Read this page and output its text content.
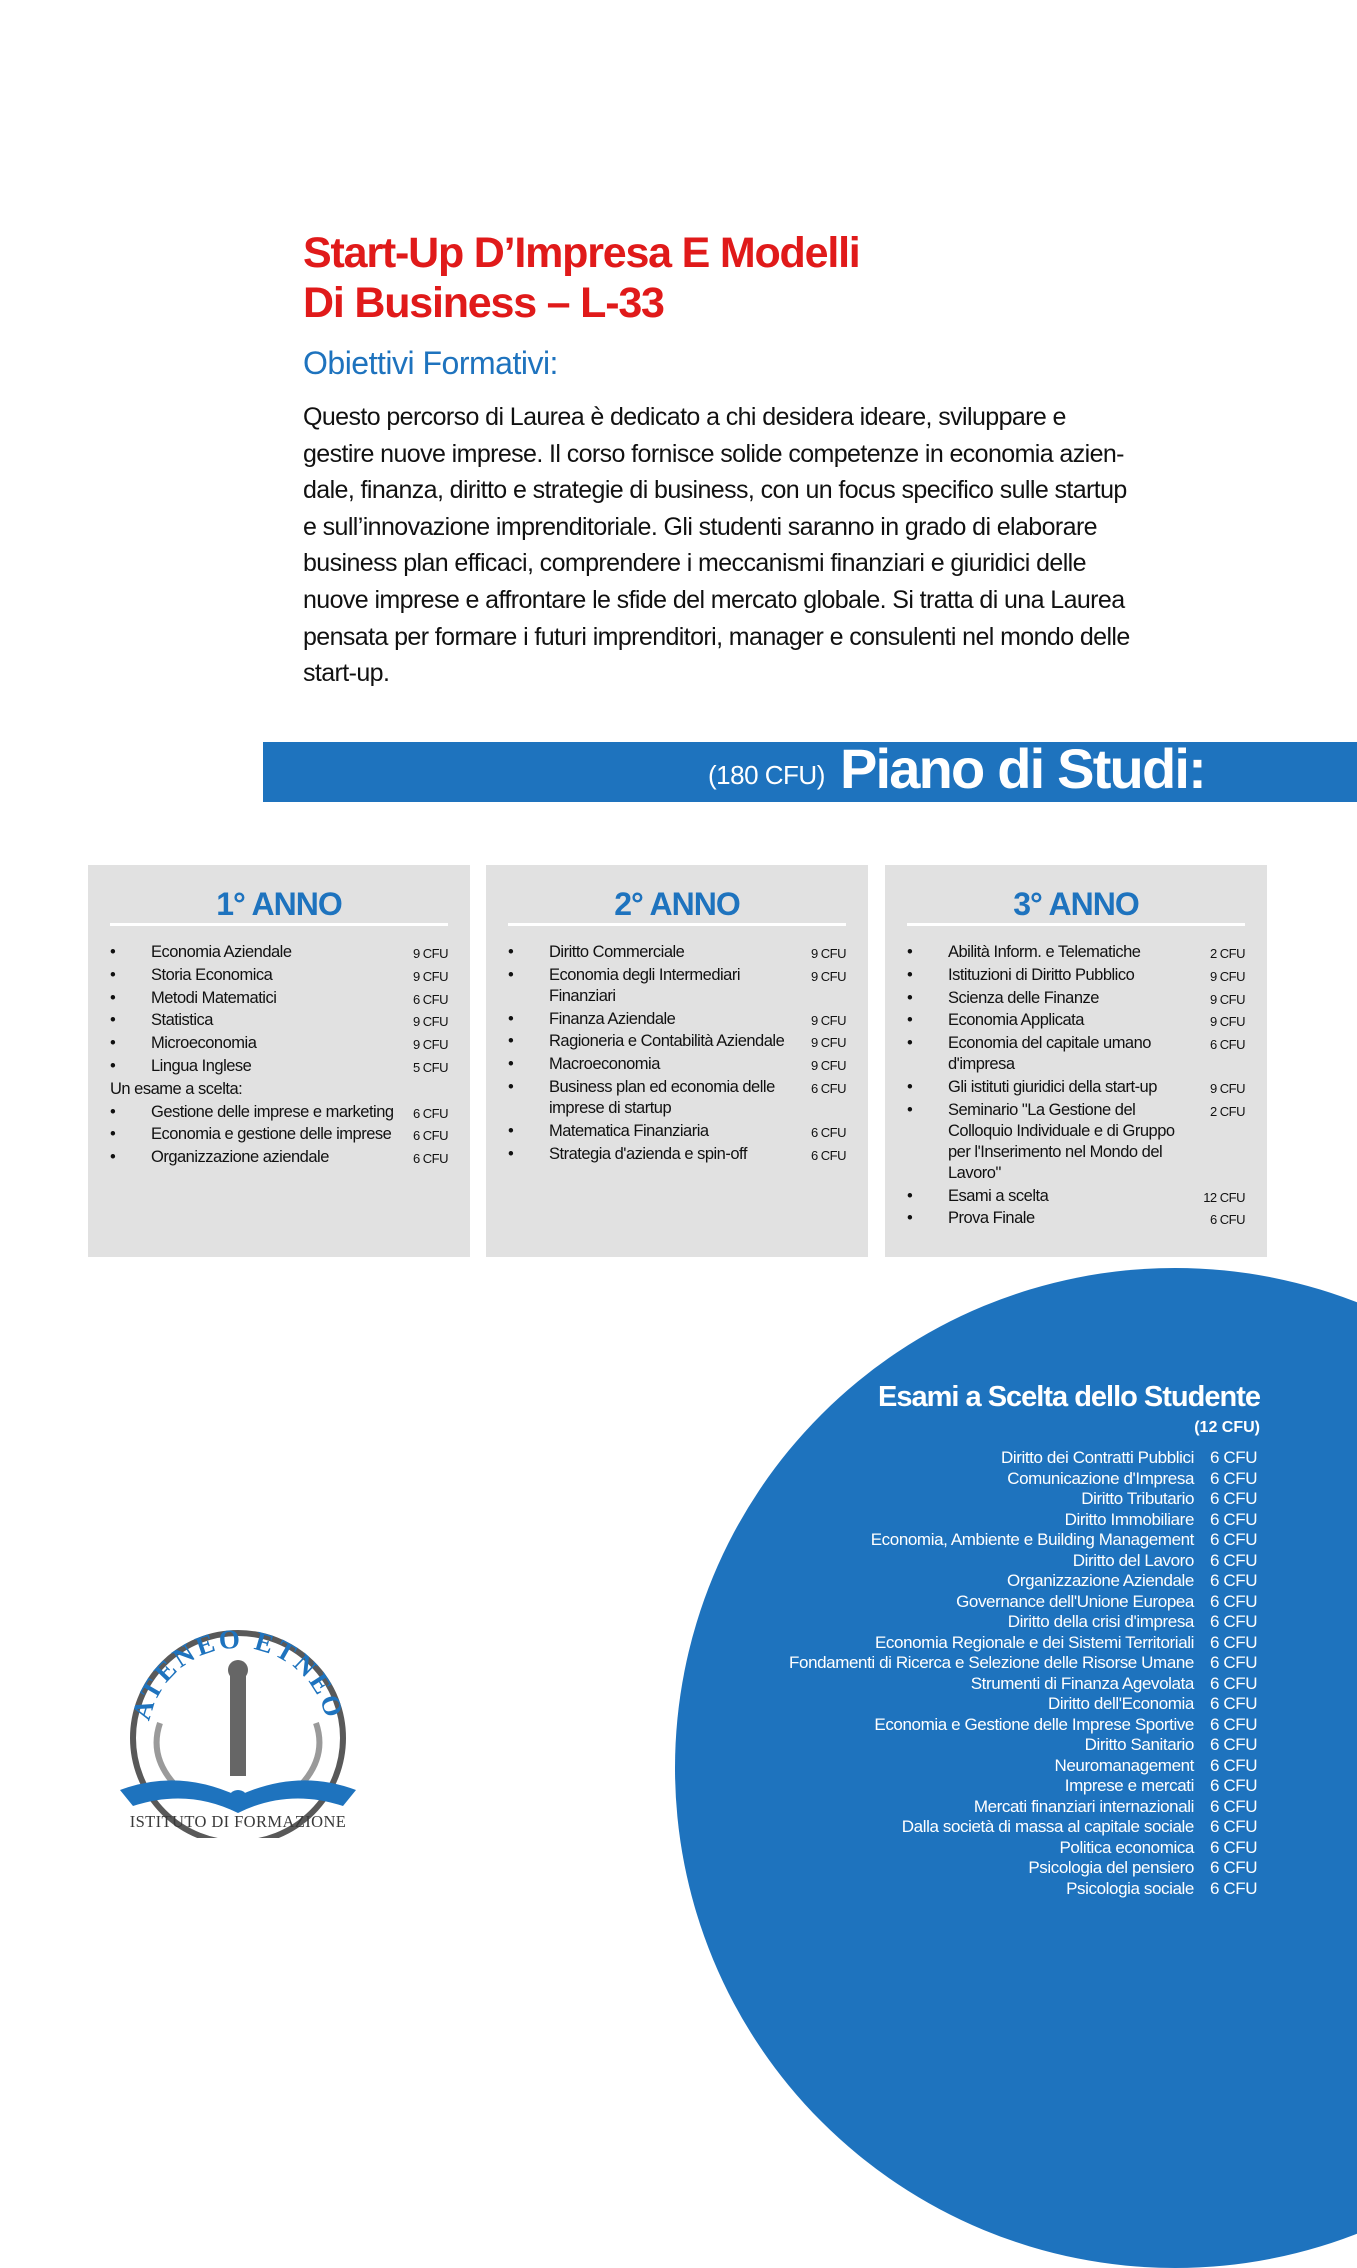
Start-Up D’Impresa E Modelli
Di Business – L-33
Obiettivi Formativi:
Questo percorso di Laurea è dedicato a chi desidera ideare, sviluppare e
gestire nuove imprese. Il corso fornisce solide competenze in economia azien-
dale, finanza, diritto e strategie di business, con un focus specifico sulle startup
e sull’innovazione imprenditoriale. Gli studenti saranno in grado di elaborare
business plan efficaci, comprendere i meccanismi finanziari e giuridici delle
nuove imprese e affrontare le sfide del mercato globale. Si tratta di una Laurea
pensata per formare i futuri imprenditori, manager e consulenti nel mondo delle
start-up.
(180 CFU) Piano di Studi:
1° ANNO
• Economia Aziendale	9 CFU
• Storia Economica	9 CFU
• Metodi Matematici	6 CFU
• Statistica	9 CFU
• Microeconomia	9 CFU
• Lingua Inglese	5 CFU
Un esame a scelta:
• Gestione delle imprese e marketing 6 CFU
• Economia e gestione delle imprese 6 CFU
• Organizzazione aziendale	6 CFU
2° ANNO
• Diritto Commerciale	9 CFU
• Economia degli Intermediari Finanziari
9 CFU
• Finanza Aziendale	9 CFU
• Ragioneria e Contabilità Aziendale 9 CFU
• Macroeconomia	9 CFU
• Business plan ed economia delle imprese di startup
6 CFU
• Matematica Finanziaria	6 CFU
• Strategia d'azienda e spin-off	6 CFU
3° ANNO
• Abilità Inform. e Telematiche	2 CFU
• Istituzioni di Diritto Pubblico	9 CFU
• Scienza delle Finanze	9 CFU
• Economia Applicata	9 CFU
• Economia del capitale umano d'impresa
6 CFU
• Gli istituti giuridici della start-up	9 CFU
• Seminario "La Gestione del Colloquio Individuale e di Gruppo per l'Inserimento nel Mondo del Lavoro"
2 CFU
• Esami a scelta	12 CFU
• Prova Finale	6 CFU
Esami a Scelta dello Studente
(12 CFU)
Diritto dei Contratti Pubblici 6 CFU
Comunicazione d'Impresa 6 CFU
Diritto Tributario 6 CFU
Diritto Immobiliare 6 CFU
Economia, Ambiente e Building Management 6 CFU
Diritto del Lavoro 6 CFU
Organizzazione Aziendale 6 CFU
Governance dell'Unione Europea 6 CFU
Diritto della crisi d'impresa 6 CFU
Economia Regionale e dei Sistemi Territoriali 6 CFU
Fondamenti di Ricerca e Selezione delle Risorse Umane 6 CFU
Strumenti di Finanza Agevolata 6 CFU
Diritto dell'Economia 6 CFU
Economia e Gestione delle Imprese Sportive 6 CFU
Diritto Sanitario 6 CFU
Neuromanagement 6 CFU
Imprese e mercati 6 CFU
Mercati finanziari internazionali 6 CFU
Dalla società di massa al capitale sociale 6 CFU
Politica economica 6 CFU
Psicologia del pensiero 6 CFU
Psicologia sociale 6 CFU
ATENEO ETNEO
ISTITUTO DI FORMAZIONE
